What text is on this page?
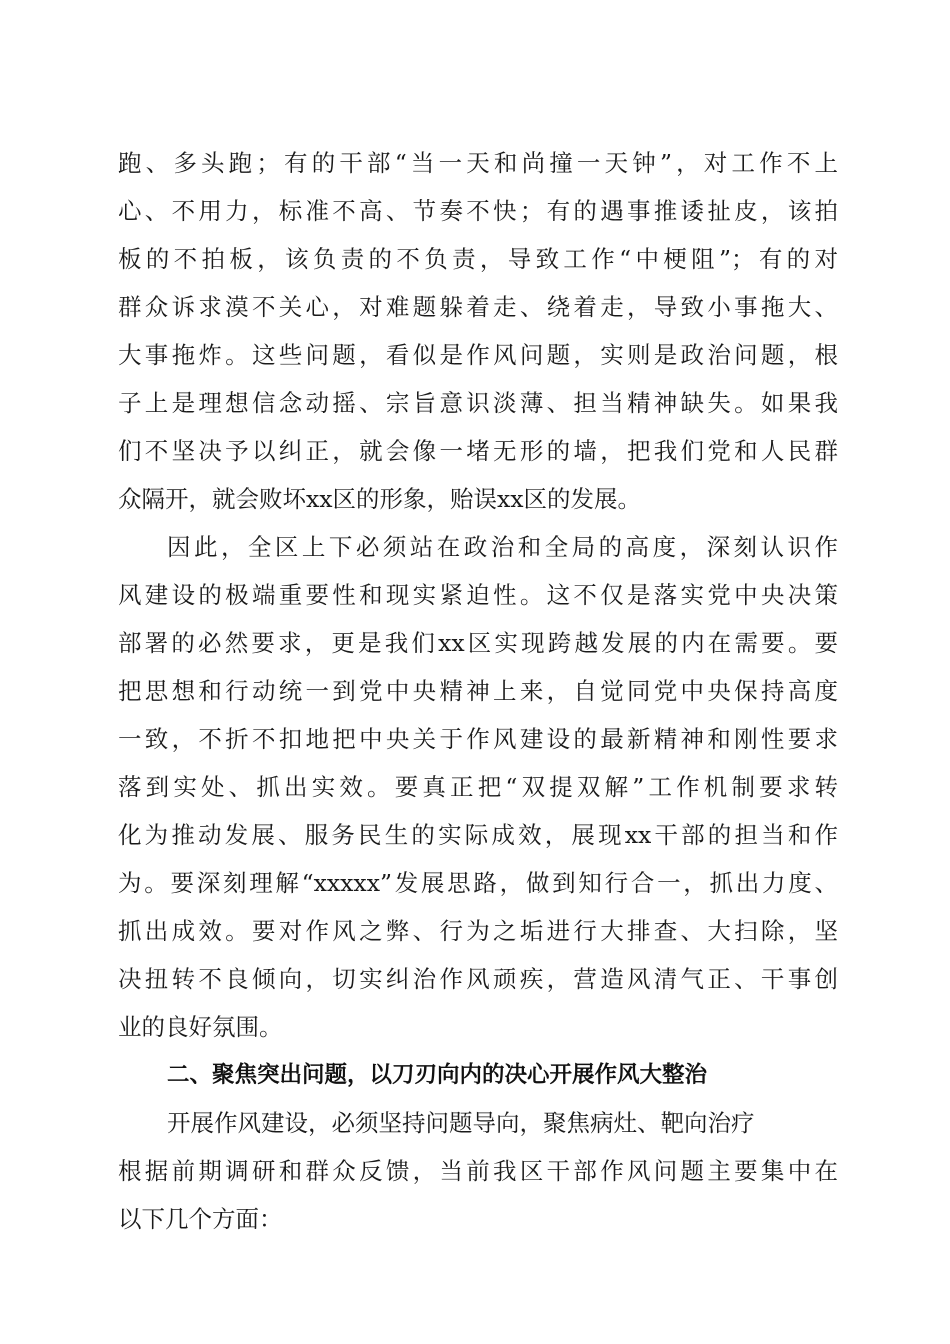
跑、多头跑；有的干部“当一天和尚撞一天钟”，对工作不上
心、不用力，标准不高、节奏不快；有的遇事推诿扯皮，该拍
板的不拍板，该负责的不负责，导致工作“中梗阻”；有的对
群众诉求漠不关心，对难题躲着走、绕着走，导致小事拖大、
大事拖炸。这些问题，看似是作风问题，实则是政治问题，根
子上是理想信念动摇、宗旨意识淡薄、担当精神缺失。如果我
们不坚决予以纠正，就会像一堵无形的墙，把我们党和人民群
众隔开，就会败坏xx区的形象，贻误xx区的发展。
因此，全区上下必须站在政治和全局的高度，深刻认识作
风建设的极端重要性和现实紧迫性。这不仅是落实党中央决策
部署的必然要求，更是我们xx区实现跨越发展的内在需要。要
把思想和行动统一到党中央精神上来，自觉同党中央保持高度
一致，不折不扣地把中央关于作风建设的最新精神和刚性要求
落到实处、抓出实效。要真正把“双提双解”工作机制要求转
化为推动发展、服务民生的实际成效，展现xx干部的担当和作
为。要深刻理解“xxxxx”发展思路，做到知行合一，抓出力度、
抓出成效。要对作风之弊、行为之垢进行大排查、大扫除，坚
决扭转不良倾向，切实纠治作风顽疾，营造风清气正、干事创
业的良好氛围。
二、聚焦突出问题，以刀刃向内的决心开展作风大整治
开展作风建设，必须坚持问题导向，聚焦病灶、靶向治疗
根据前期调研和群众反馈，当前我区干部作风问题主要集中在
以下几个方面：
